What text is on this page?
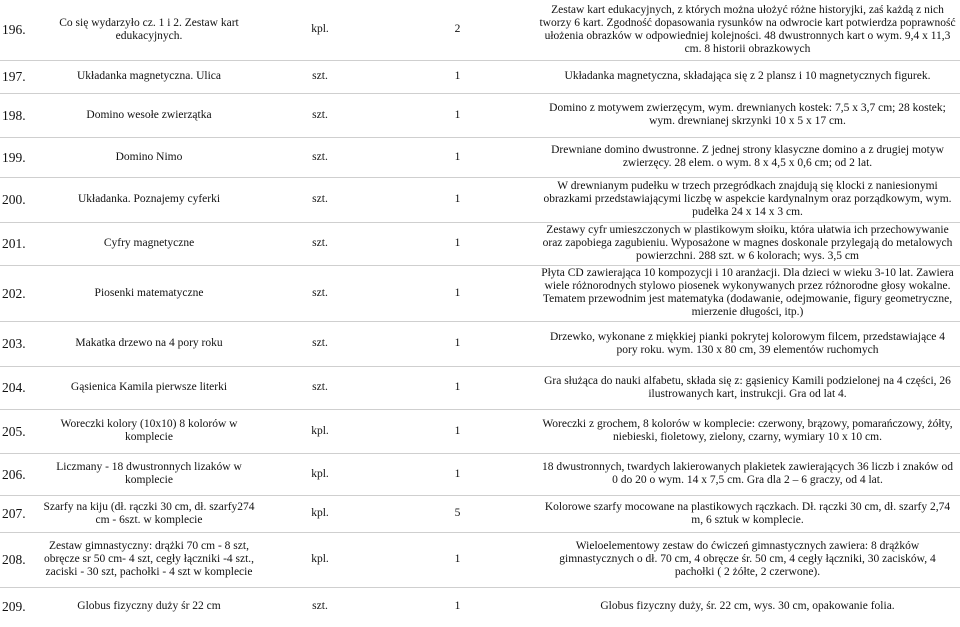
196.	Co się wydarzyło cz. 1 i 2. Zestaw kart edukacyjnych.	kpl.	2	Zestaw kart edukacyjnych, z których można ułożyć różne historyjki, zaś każdą z nich tworzy 6 kart. Zgodność dopasowania rysunków na odwrocie kart potwierdza poprawność ułożenia obrazków w odpowiedniej kolejności. 48 dwustronnych kart o wym. 9,4 x 11,3 cm. 8 historii obrazkowych
197.	Układanka magnetyczna. Ulica	szt.	1	Układanka magnetyczna, składająca się z 2 plansz i 10 magnetycznych figurek.
198.	Domino wesołe zwierzątka	szt.	1	Domino z motywem zwierzęcym, wym. drewnianych kostek: 7,5 x 3,7 cm; 28 kostek; wym. drewnianej skrzynki 10 x 5 x 17 cm.
199.	Domino Nimo	szt.	1	Drewniane domino dwustronne. Z jednej strony klasyczne domino a z drugiej motyw zwierzęcy. 28 elem. o wym. 8 x 4,5 x 0,6 cm; od 2 lat.
200.	Układanka. Poznajemy cyferki	szt.	1	W drewnianym pudełku w trzech przegródkach znajdują się klocki z naniesionymi obrazkami przedstawiającymi liczbę w aspekcie kardynalnym oraz porządkowym, wym. pudełka 24 x 14 x 3 cm.
201.	Cyfry magnetyczne	szt.	1	Zestawy cyfr umieszczonych w plastikowym słoiku, która ułatwia ich przechowywanie oraz zapobiega zagubieniu. Wyposażone w magnes doskonale przylegają do metalowych powierzchni. 288 szt. w 6 kolorach; wys. 3,5 cm
202.	Piosenki matematyczne	szt.	1	Płyta CD zawierająca 10 kompozycji i 10 aranżacji. Dla dzieci w wieku 3-10 lat. Zawiera wiele różnorodnych stylowo piosenek wykonywanych przez różnorodne głosy wokalne. Tematem przewodnim jest matematyka (dodawanie, odejmowanie, figury geometryczne, mierzenie długości, itp.)
203.	Makatka drzewo na 4 pory roku	szt.	1	Drzewko, wykonane z miękkiej pianki pokrytej kolorowym filcem, przedstawiające 4 pory roku. wym. 130 x 80 cm, 39 elementów ruchomych
204.	Gąsienica Kamila pierwsze literki	szt.	1	Gra służąca do nauki alfabetu, składa się z: gąsienicy Kamili podzielonej na 4 części, 26 ilustrowanych kart, instrukcji. Gra od lat 4.
205.	Woreczki kolory (10x10) 8 kolorów w komplecie	kpl.	1	Woreczki z grochem, 8 kolorów w komplecie: czerwony, brązowy, pomarańczowy, żółty, niebieski, fioletowy, zielony, czarny, wymiary 10 x 10 cm.
206.	Liczmany - 18 dwustronnych lizaków w komplecie	kpl.	1	18 dwustronnych, twardych lakierowanych plakietek zawierających 36 liczb i znaków od 0 do 20 o wym. 14 x 7,5 cm. Gra dla 2 – 6 graczy, od 4 lat.
207.	Szarfy na kiju (dł. rączki 30 cm, dł. szarfy274 cm - 6szt. w komplecie	kpl.	5	Kolorowe szarfy mocowane na plastikowych rączkach. Dł. rączki 30 cm, dł. szarfy 2,74 m, 6 sztuk w komplecie.
208.	Zestaw gimnastyczny: drążki 70 cm - 8 szt, obręcze sr 50 cm- 4 szt, cegły łączniki -4 szt., zaciski - 30 szt, pachołki - 4 szt w komplecie	kpl.	1	Wieloelementowy zestaw do ćwiczeń gimnastycznych zawiera: 8 drążków gimnastycznych o dł. 70 cm, 4 obręcze śr. 50 cm, 4 cegły łączniki, 30 zacisków, 4 pachołki ( 2 żółte, 2 czerwone).
209.	Globus fizyczny duży śr 22 cm	szt.	1	Globus fizyczny duży, śr. 22 cm, wys. 30 cm, opakowanie folia.
